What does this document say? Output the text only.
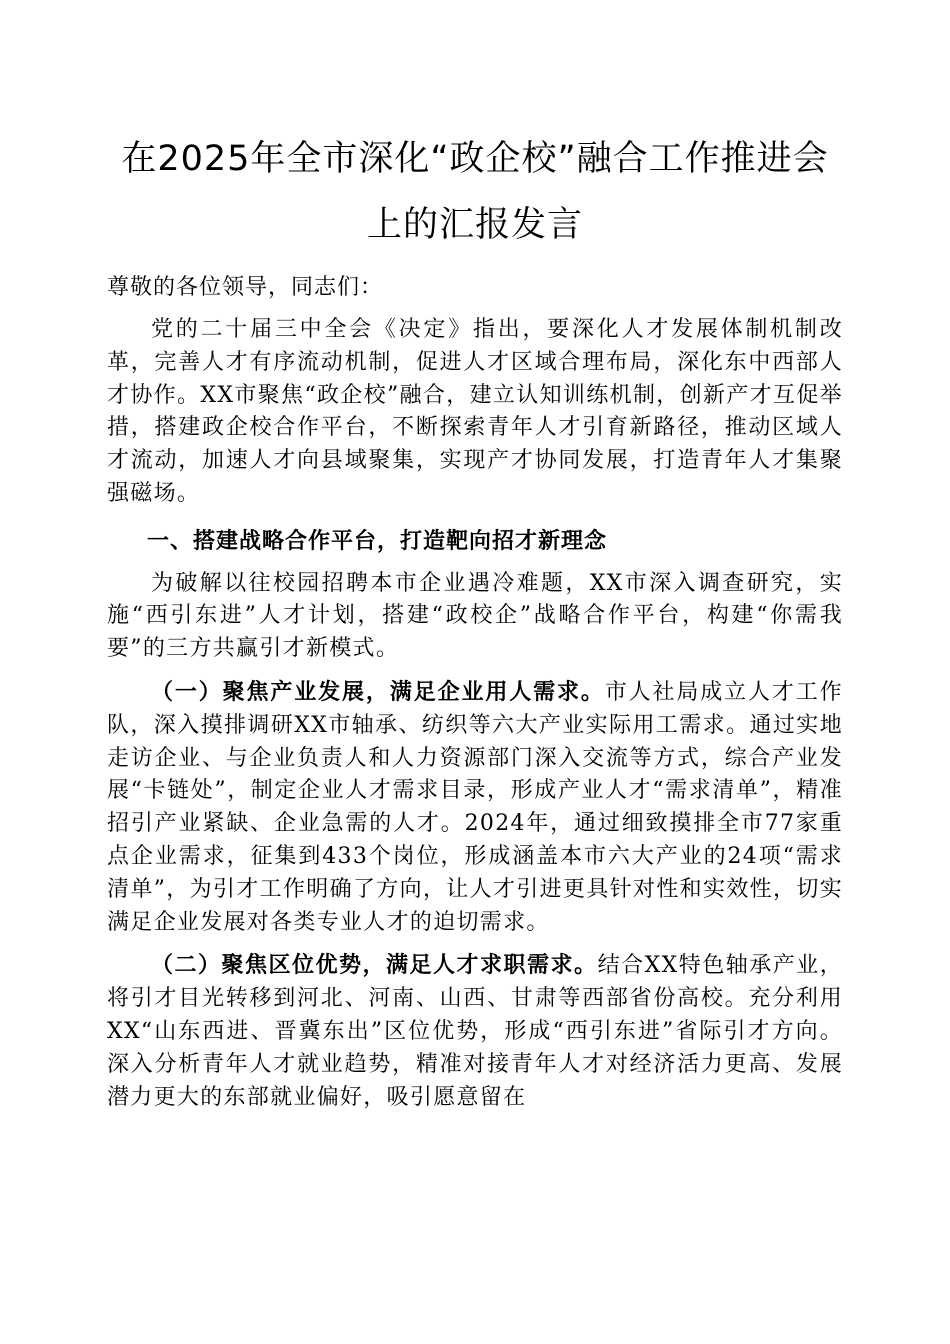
在2025年全市深化“政企校”融合工作推进会
上的汇报发言

尊敬的各位领导，同志们：

党的二十届三中全会《决定》指出，要深化人才发展体制机制改革，完善人才有序流动机制，促进人才区域合理布局，深化东中西部人才协作。XX市聚焦“政企校”融合，建立认知训练机制，创新产才互促举措，搭建政企校合作平台，不断探索青年人才引育新路径，推动区域人才流动，加速人才向县域聚集，实现产才协同发展，打造青年人才集聚强磁场。

一、搭建战略合作平台，打造靶向招才新理念

为破解以往校园招聘本市企业遇冷难题，XX市深入调查研究，实施“西引东进”人才计划，搭建“政校企”战略合作平台，构建“你需我要”的三方共赢引才新模式。

（一）聚焦产业发展，满足企业用人需求。市人社局成立人才工作队，深入摸排调研XX市轴承、纺织等六大产业实际用工需求。通过实地走访企业、与企业负责人和人力资源部门深入交流等方式，综合产业发展“卡链处”，制定企业人才需求目录，形成产业人才“需求清单”，精准招引产业紧缺、企业急需的人才。2024年，通过细致摸排全市77家重点企业需求，征集到433个岗位，形成涵盖本市六大产业的24项“需求清单”，为引才工作明确了方向，让人才引进更具针对性和实效性，切实满足企业发展对各类专业人才的迫切需求。

（二）聚焦区位优势，满足人才求职需求。结合XX特色轴承产业，将引才目光转移到河北、河南、山西、甘肃等西部省份高校。充分利用XX“山东西进、晋冀东出”区位优势，形成“西引东进”省际引才方向。深入分析青年人才就业趋势，精准对接青年人才对经济活力更高、发展潜力更大的东部就业偏好，吸引愿意留在
